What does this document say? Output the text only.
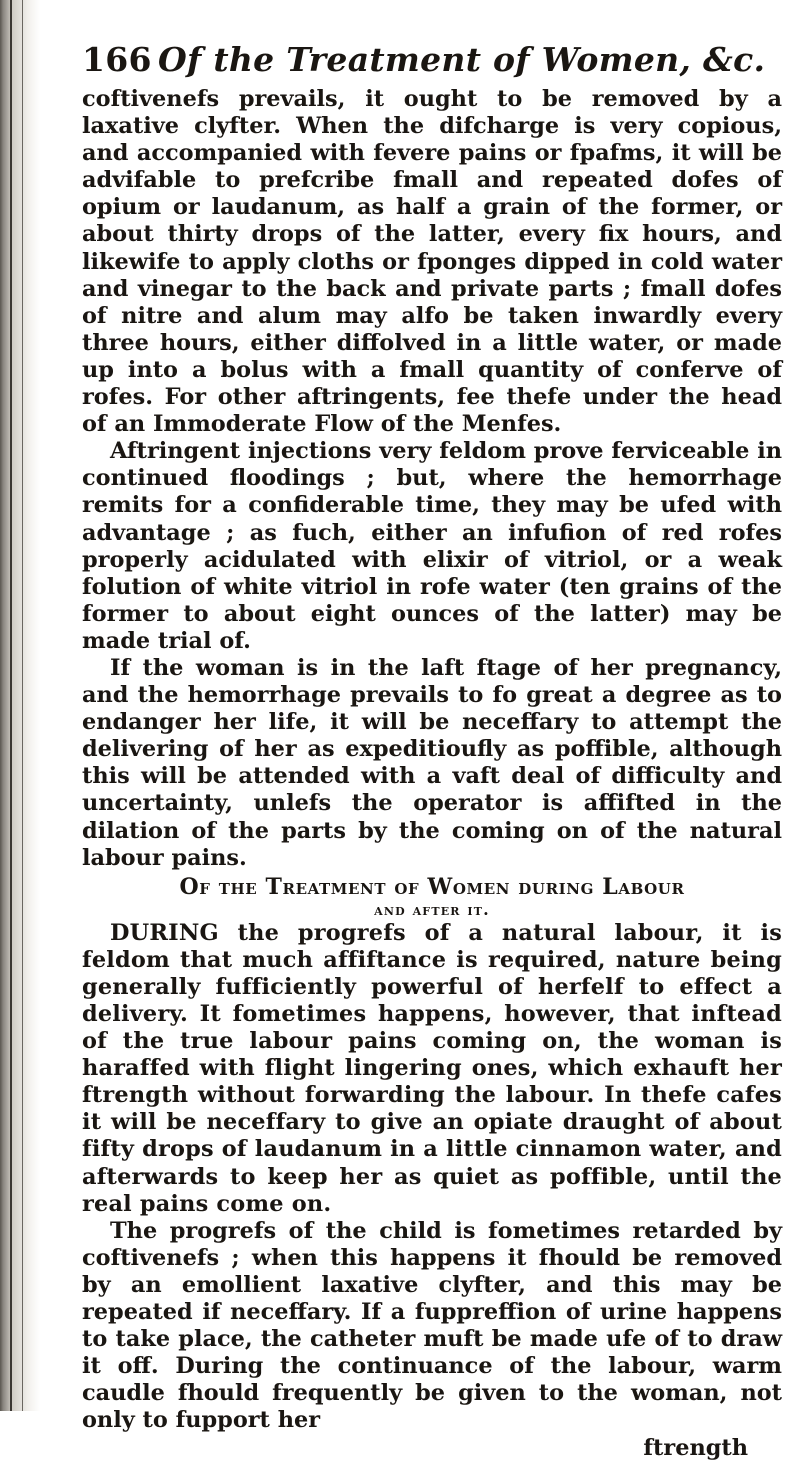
166 Of the Treatment of Women, &c.

coftivenefs prevails, it ought to be removed by a laxative clyfter. When the difcharge is very copious, and accompanied with fevere pains or fpafms, it will be advifable to prefcribe fmall and repeated dofes of opium or laudanum, as half a grain of the former, or about thirty drops of the latter, every fix hours, and likewife to apply cloths or fponges dipped in cold water and vinegar to the back and private parts ; fmall dofes of nitre and alum may alfo be taken inwardly every three hours, either diffolved in a little water, or made up into a bolus with a fmall quantity of conferve of rofes. For other aftringents, fee thefe under the head of an Immoderate Flow of the Menfes.

Aftringent injections very feldom prove ferviceable in continued floodings ; but, where the hemorrhage remits for a confiderable time, they may be ufed with advantage ; as fuch, either an infufion of red rofes properly acidulated with elixir of vitriol, or a weak folution of white vitriol in rofe water (ten grains of the former to about eight ounces of the latter) may be made trial of.

If the woman is in the laft ftage of her pregnancy, and the hemorrhage prevails to fo great a degree as to endanger her life, it will be neceffary to attempt the delivering of her as expeditioufly as poffible, although this will be attended with a vaft deal of difficulty and uncertainty, unlefs the operator is affifted in the dilation of the parts by the coming on of the natural labour pains.

Of the Treatment of Women during Labour
and after it.

DURING the progrefs of a natural labour, it is feldom that much affiftance is required, nature being generally fufficiently powerful of herfelf to effect a delivery. It fometimes happens, however, that inftead of the true labour pains coming on, the woman is haraffed with flight lingering ones, which exhauft her ftrength without forwarding the labour. In thefe cafes it will be neceffary to give an opiate draught of about fifty drops of laudanum in a little cinnamon water, and afterwards to keep her as quiet as poffible, until the real pains come on.

The progrefs of the child is fometimes retarded by coftivenefs ; when this happens it fhould be removed by an emollient laxative clyfter, and this may be repeated if neceffary. If a fuppreffion of urine happens to take place, the catheter muft be made ufe of to draw it off. During the continuance of the labour, warm caudle fhould frequently be given to the woman, not only to fupport her

ftrength
